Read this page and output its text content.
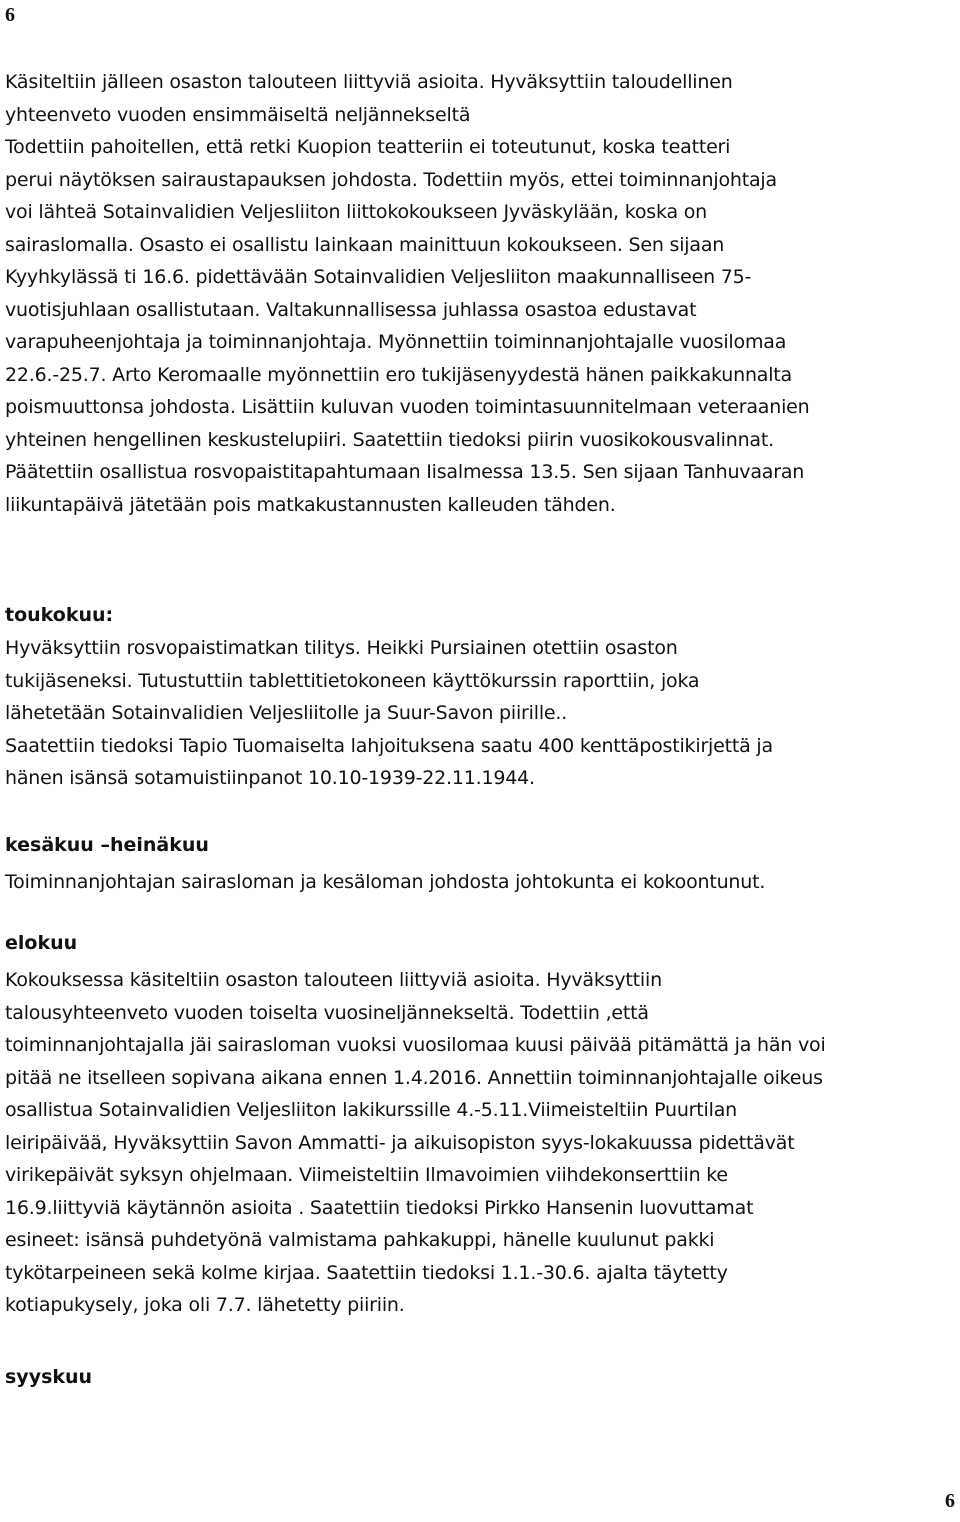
6
Käsiteltiin jälleen osaston talouteen liittyviä asioita. Hyväksyttiin taloudellinen
yhteenveto vuoden ensimmäiseltä neljännekseltä
Todettiin pahoitellen, että retki Kuopion teatteriin ei toteutunut, koska teatteri
perui näytöksen sairaustapauksen johdosta. Todettiin myös, ettei toiminnanjohtaja
voi lähteä Sotainvalidien Veljesliiton liittokokoukseen Jyväskylään, koska on
sairaslomalla. Osasto ei osallistu lainkaan mainittuun kokoukseen. Sen sijaan
Kyyhkylässä ti 16.6. pidettävään Sotainvalidien Veljesliiton maakunnalliseen 75-
vuotisjuhlaan osallistutaan. Valtakunnallisessa juhlassa osastoa edustavat
varapuheenjohtaja ja toiminnanjohtaja. Myönnettiin toiminnanjohtajalle vuosilomaa
22.6.-25.7. Arto Keromaalle myönnettiin ero tukijäsenyydestä hänen paikkakunnalta
poismuuttonsa johdosta. Lisättiin kuluvan vuoden toimintasuunnitelmaan veteraanien
yhteinen hengellinen keskustelupiiri. Saatettiin tiedoksi piirin vuosikokousvalinnat.
Päätettiin osallistua rosvopaistitapahtumaan Iisalmessa 13.5. Sen sijaan Tanhuvaaran
liikuntapäivä jätetään pois matkakustannusten kalleuden tähden.
toukokuu:
Hyväksyttiin rosvopaistimatkan tilitys. Heikki Pursiainen otettiin osaston
tukijäseneksi. Tutustuttiin tablettitietokoneen käyttökurssin raporttiin, joka
lähetetään Sotainvalidien Veljesliitolle ja Suur-Savon piirille..
Saatettiin tiedoksi Tapio Tuomaiselta lahjoituksena saatu 400 kenttäpostikirjettä ja
hänen isänsä sotamuistiinpanot 10.10-1939-22.11.1944.
kesäkuu –heinäkuu
Toiminnanjohtajan sairasloman ja kesäloman johdosta johtokunta ei kokoontunut.
elokuu
Kokouksessa käsiteltiin osaston talouteen liittyviä asioita. Hyväksyttiin
talousyhteenveto vuoden toiselta vuosineljännekseltä. Todettiin ,että
toiminnanjohtajalla jäi sairasloman vuoksi vuosilomaa kuusi päivää pitämättä ja hän voi
pitää ne itselleen sopivana aikana ennen 1.4.2016. Annettiin toiminnanjohtajalle oikeus
osallistua Sotainvalidien Veljesliiton lakikurssille 4.-5.11.Viimeisteltiin Puurtilan
leiripäivää, Hyväksyttiin Savon Ammatti- ja aikuisopiston syys-lokakuussa pidettävät
virikepäivät syksyn ohjelmaan. Viimeisteltiin Ilmavoimien viihdekonserttiin ke
16.9.liittyviä käytännön asioita . Saatettiin tiedoksi Pirkko Hansenin luovuttamat
esineet: isänsä puhdetyönä valmistama pahkakuppi, hänelle kuulunut pakki
tykötarpeineen sekä kolme kirjaa. Saatettiin tiedoksi 1.1.-30.6. ajalta täytetty
kotiapukysely, joka oli 7.7. lähetetty piiriin.
syyskuu
6
